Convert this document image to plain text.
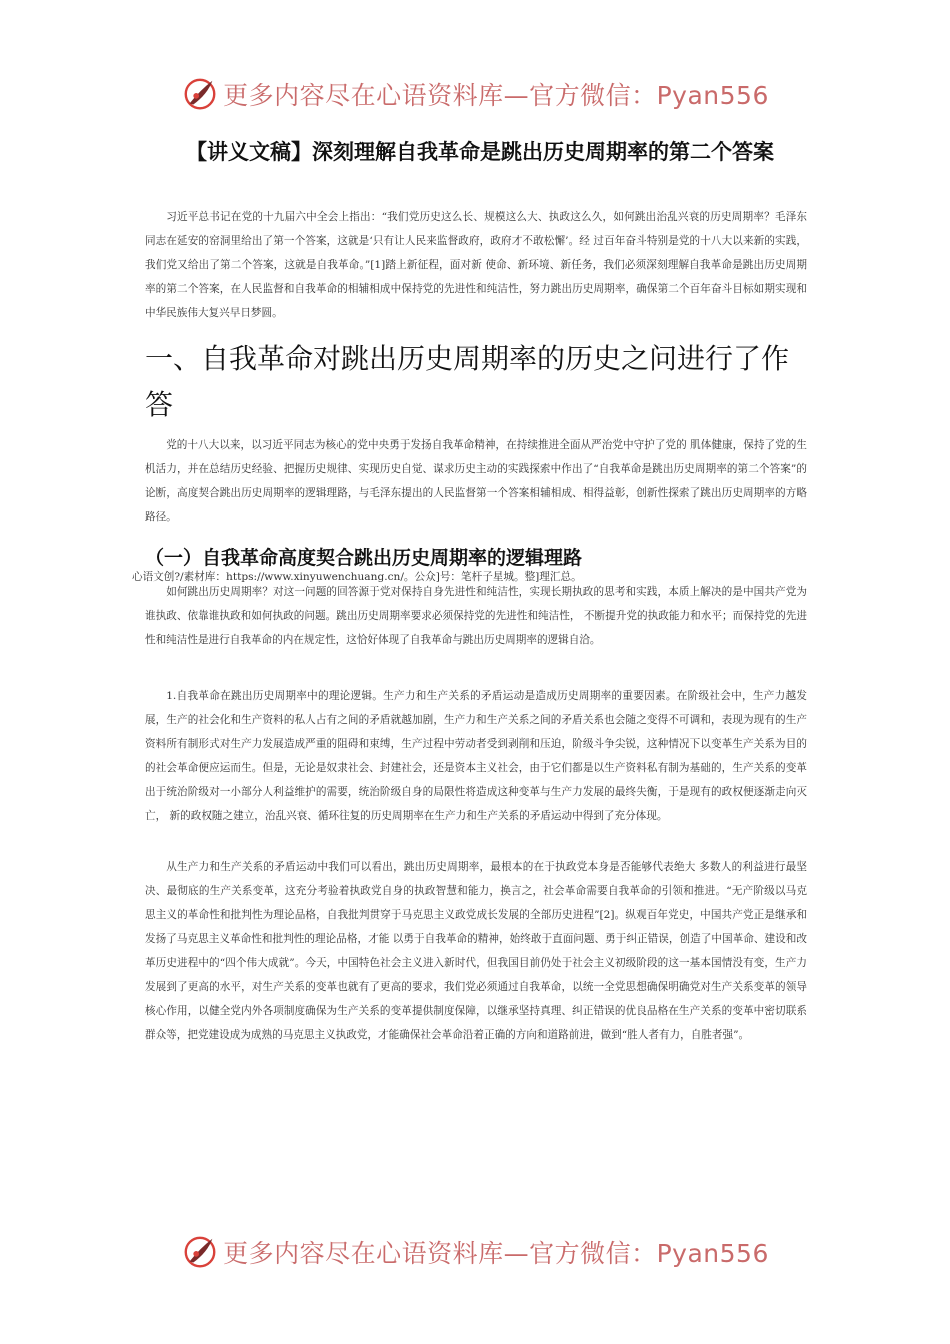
更多内容尽在心语资料库—官方微信：Pyan556
【讲义文稿】深刻理解自我革命是跳出历史周期率的第二个答案

习近平总书记在党的十九届六中全会上指出：“我们党历史这么长、规模这么大、执政这么久，如何跳出治乱兴衰的历史周期率？毛泽东同志在延安的窑洞里给出了第一个答案，这就是‘只有让人民来监督政府，政府才不敢松懈’。经 过百年奋斗特别是党的十八大以来新的实践，我们党又给出了第二个答案，这就是自我革命。”[1]踏上新征程，面对新 使命、新环境、新任务，我们必须深刻理解自我革命是跳出历史周期率的第二个答案，在人民监督和自我革命的相辅相成中保持党的先进性和纯洁性，努力跳出历史周期率，确保第二个百年奋斗目标如期实现和中华民族伟大复兴早日梦圆。

一、自我革命对跳出历史周期率的历史之问进行了作答

党的十八大以来，以习近平同志为核心的党中央勇于发扬自我革命精神，在持续推进全面从严治党中守护了党的 肌体健康，保持了党的生机活力，并在总结历史经验、把握历史规律、实现历史自觉、谋求历史主动的实践探索中作出了“自我革命是跳出历史周期率的第二个答案”的论断，高度契合跳出历史周期率的逻辑理路，与毛泽东提出的人民监督第一个答案相辅相成、相得益彰，创新性探索了跳出历史周期率的方略路径。

（一）自我革命高度契合跳出历史周期率的逻辑理路

心语文创?/素材库：https://www.xinyuwenchuang.cn/。公众]号：笔杆子星城。整]理汇总。

如何跳出历史周期率？对这一问题的回答源于党对保持自身先进性和纯洁性，实现长期执政的思考和实践，本质上解决的是中国共产党为谁执政、依靠谁执政和如何执政的问题。跳出历史周期率要求必须保持党的先进性和纯洁性， 不断提升党的执政能力和水平；而保持党的先进性和纯洁性是进行自我革命的内在规定性，这恰好体现了自我革命与跳出历史周期率的逻辑自洽。

1.自我革命在跳出历史周期率中的理论逻辑。生产力和生产关系的矛盾运动是造成历史周期率的重要因素。在阶级社会中，生产力越发展，生产的社会化和生产资料的私人占有之间的矛盾就越加剧，生产力和生产关系之间的矛盾关系也会随之变得不可调和，表现为现有的生产资料所有制形式对生产力发展造成严重的阻碍和束缚，生产过程中劳动者受到剥削和压迫，阶级斗争尖锐，这种情况下以变革生产关系为目的的社会革命便应运而生。但是，无论是奴隶社会、封建社会，还是资本主义社会，由于它们都是以生产资料私有制为基础的，生产关系的变革出于统治阶级对一小部分人利益维护的需要，统治阶级自身的局限性将造成这种变革与生产力发展的最终失衡，于是现有的政权便逐渐走向灭亡， 新的政权随之建立，治乱兴衰、循环往复的历史周期率在生产力和生产关系的矛盾运动中得到了充分体现。

从生产力和生产关系的矛盾运动中我们可以看出，跳出历史周期率，最根本的在于执政党本身是否能够代表绝大 多数人的利益进行最坚决、最彻底的生产关系变革，这充分考验着执政党自身的执政智慧和能力，换言之，社会革命需要自我革命的引领和推进。“无产阶级以马克思主义的革命性和批判性为理论品格，自我批判贯穿于马克思主义政党成长发展的全部历史进程”[2]。纵观百年党史，中国共产党正是继承和发扬了马克思主义革命性和批判性的理论品格，才能 以勇于自我革命的精神，始终敢于直面问题、勇于纠正错误，创造了中国革命、建设和改革历史进程中的“四个伟大成就”。今天，中国特色社会主义进入新时代，但我国目前仍处于社会主义初级阶段的这一基本国情没有变，生产力发展到了更高的水平，对生产关系的变革也就有了更高的要求，我们党必须通过自我革命，以统一全党思想确保明确党对生产关系变革的领导核心作用，以健全党内外各项制度确保为生产关系的变革提供制度保障，以继承坚持真理、纠正错误的优良品格在生产关系的变革中密切联系群众等，把党建设成为成熟的马克思主义执政党，才能确保社会革命沿着正确的方向和道路前进，做到“胜人者有力，自胜者强”。

更多内容尽在心语资料库—官方微信：Pyan556
